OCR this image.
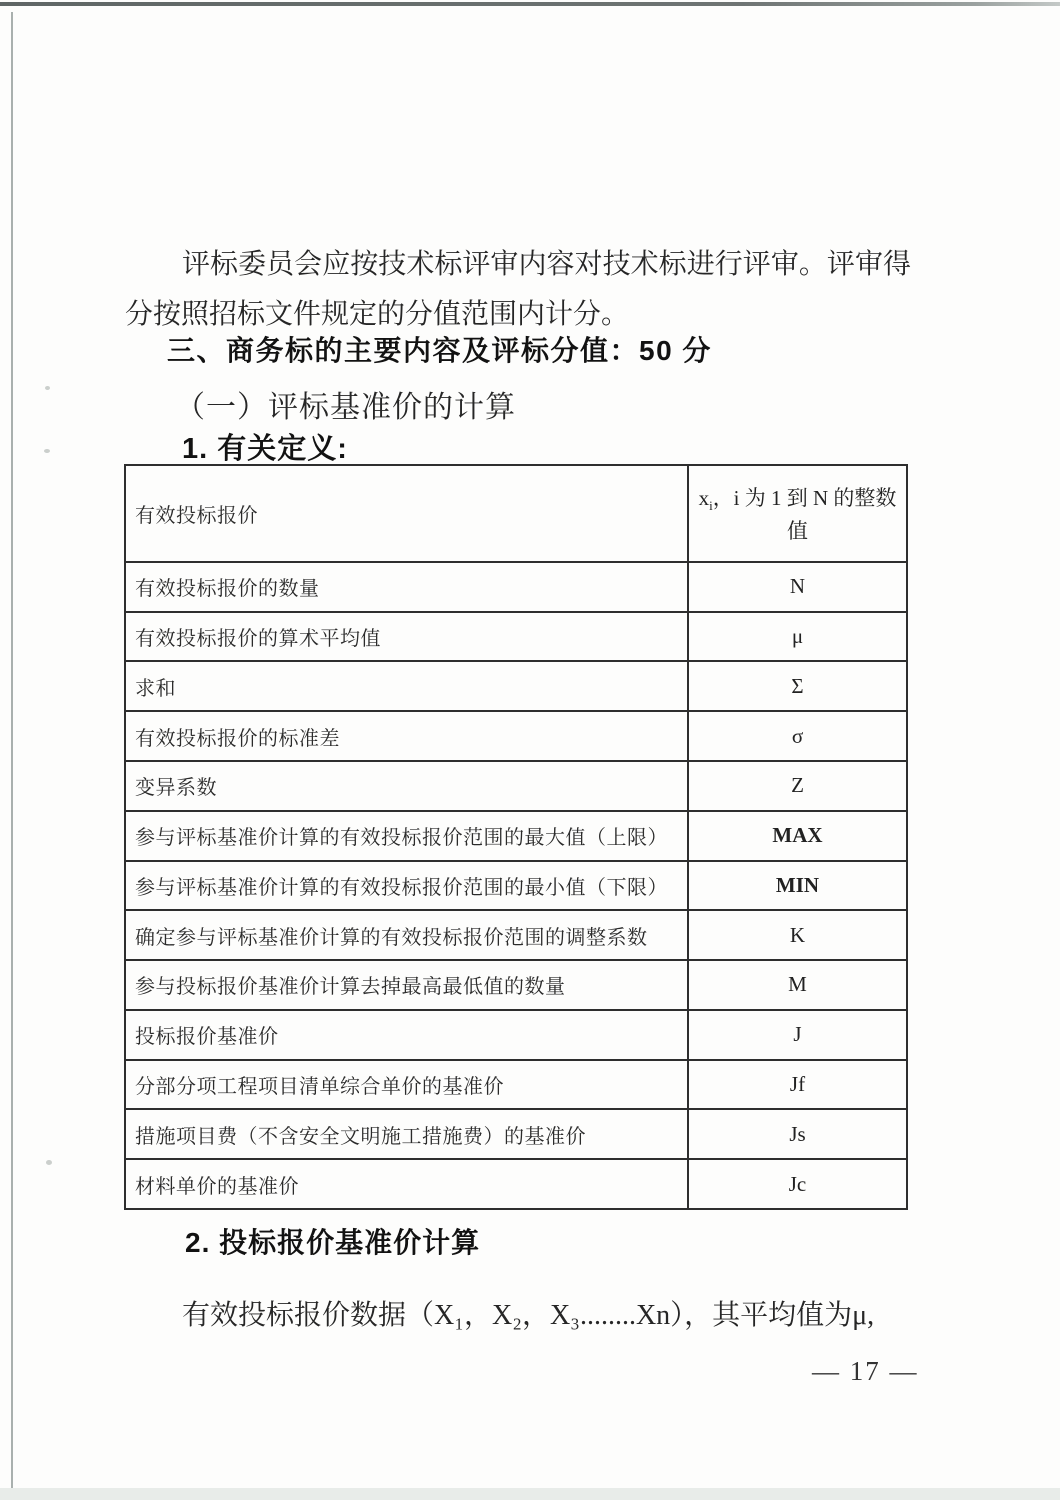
评标委员会应按技术标评审内容对技术标进行评审。评审得分按照招标文件规定的分值范围内计分。

三、商务标的主要内容及评标分值：50 分
（一）评标基准价的计算
1. 有关定义:
有效投标报价	$x_i$，i 为 1 到 N 的整数值
有效投标报价的数量	N
有效投标报价的算术平均值	μ
求和	Σ
有效投标报价的标准差	σ
变异系数	Z
参与评标基准价计算的有效投标报价范围的最大值（上限）	MAX
参与评标基准价计算的有效投标报价范围的最小值（下限）	MIN
确定参与评标基准价计算的有效投标报价范围的调整系数	K
参与投标报价基准价计算去掉最高最低值的数量	M
投标报价基准价	J
分部分项工程项目清单综合单价的基准价	Jf
措施项目费（不含安全文明施工措施费）的基准价	Js
材料单价的基准价	Jc
2. 投标报价基准价计算

有效投标报价数据（X₁，X₂，X₃........Xn），其平均值为μ,

— 17 —
